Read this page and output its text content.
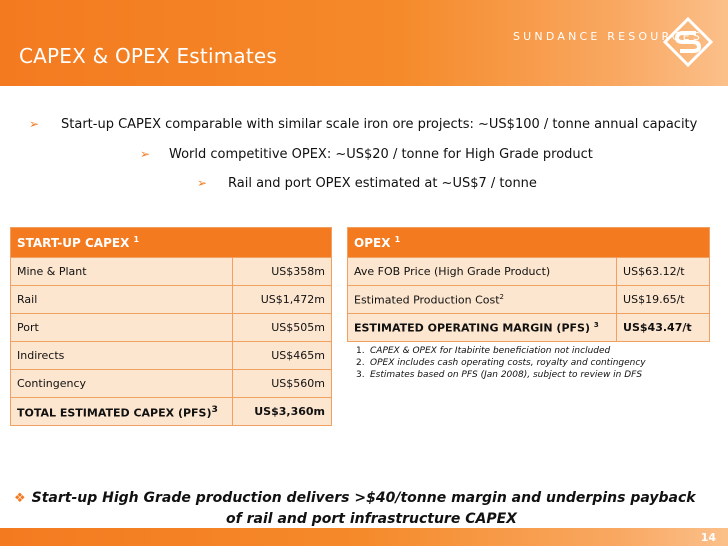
CAPEX & OPEX Estimates
SUNDANCE RESOURCES
➢ Start-up CAPEX comparable with similar scale iron ore projects: ~US$100 / tonne annual capacity
➢ World competitive OPEX: ~US$20 / tonne for High Grade product
➢ Rail and port OPEX estimated at ~US$7 / tonne
START-UP CAPEX $^1$
Mine & Plant	US$358m
Rail	US$1,472m
Port	US$505m
Indirects	US$465m
Contingency	US$560m
TOTAL ESTIMATED CAPEX (PFS)$^3$	US$3,360m
OPEX $^1$
Ave FOB Price (High Grade Product)	US$63.12/t
Estimated Production Cost$^2$	US$19.65/t
ESTIMATED OPERATING MARGIN (PFS) $^3$	US$43.47/t
1. CAPEX & OPEX for Itabirite beneficiation not included
2. OPEX includes cash operating costs, royalty and contingency
3. Estimates based on PFS (Jan 2008), subject to review in DFS
❖ Start-up High Grade production delivers >$40/tonne margin and underpins payback
of rail and port infrastructure CAPEX
14
